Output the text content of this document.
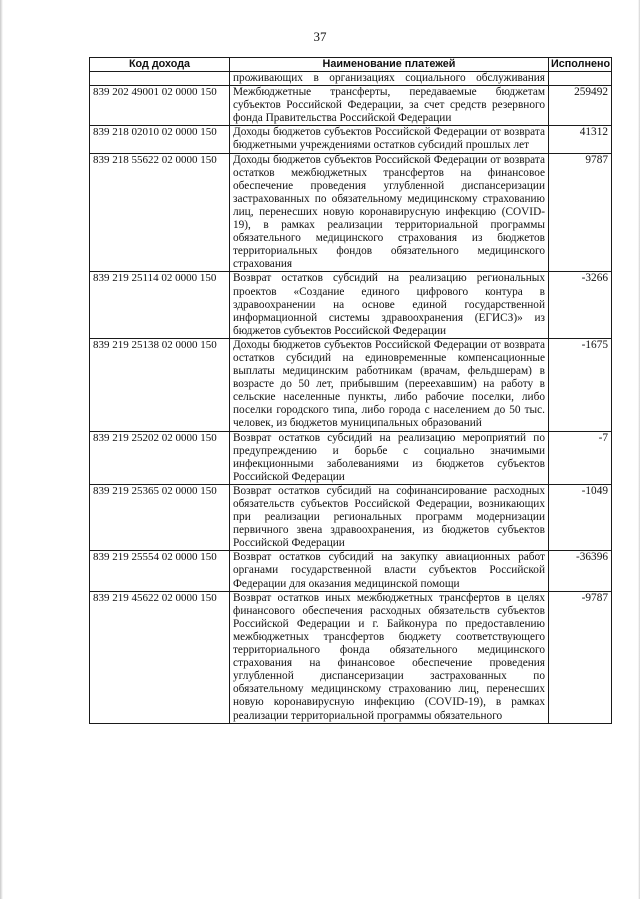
37
Код дохода	Наименование платежей	Исполнено
	проживающих в организациях социального обслуживания	
839 202 49001 02 0000 150	Межбюджетные трансферты, передаваемые бюджетам субъектов Российской Федерации, за счет средств резервного фонда Правительства Российской Федерации	259492
839 218 02010 02 0000 150	Доходы бюджетов субъектов Российской Федерации от возврата бюджетными учреждениями остатков субсидий прошлых лет	41312
839 218 55622 02 0000 150	Доходы бюджетов субъектов Российской Федерации от возврата остатков межбюджетных трансфертов на финансовое обеспечение проведения углубленной диспансеризации застрахованных по обязательному медицинскому страхованию лиц, перенесших новую коронавирусную инфекцию (COVID-19), в рамках реализации территориальной программы обязательного медицинского страхования из бюджетов территориальных фондов обязательного медицинского страхования	9787
839 219 25114 02 0000 150	Возврат остатков субсидий на реализацию региональных проектов «Создание единого цифрового контура в здравоохранении на основе единой государственной информационной системы здравоохранения (ЕГИСЗ)» из бюджетов субъектов Российской Федерации	-3266
839 219 25138 02 0000 150	Доходы бюджетов субъектов Российской Федерации от возврата остатков субсидий на единовременные компенсационные выплаты медицинским работникам (врачам, фельдшерам) в возрасте до 50 лет, прибывшим (переехавшим) на работу в сельские населенные пункты, либо рабочие поселки, либо поселки городского типа, либо города с населением до 50 тыс. человек, из бюджетов муниципальных образований	-1675
839 219 25202 02 0000 150	Возврат остатков субсидий на реализацию мероприятий по предупреждению и борьбе с социально значимыми инфекционными заболеваниями из бюджетов субъектов Российской Федерации	-7
839 219 25365 02 0000 150	Возврат остатков субсидий на софинансирование расходных обязательств субъектов Российской Федерации, возникающих при реализации региональных программ модернизации первичного звена здравоохранения, из бюджетов субъектов Российской Федерации	-1049
839 219 25554 02 0000 150	Возврат остатков субсидий на закупку авиационных работ органами государственной власти субъектов Российской Федерации для оказания медицинской помощи	-36396
839 219 45622 02 0000 150	Возврат остатков иных межбюджетных трансфертов в целях финансового обеспечения расходных обязательств субъектов Российской Федерации и г. Байконура по предоставлению межбюджетных трансфертов бюджету соответствующего территориального фонда обязательного медицинского страхования на финансовое обеспечение проведения углубленной диспансеризации застрахованных по обязательному медицинскому страхованию лиц, перенесших новую коронавирусную инфекцию (COVID-19), в рамках реализации территориальной программы обязательного	-9787
